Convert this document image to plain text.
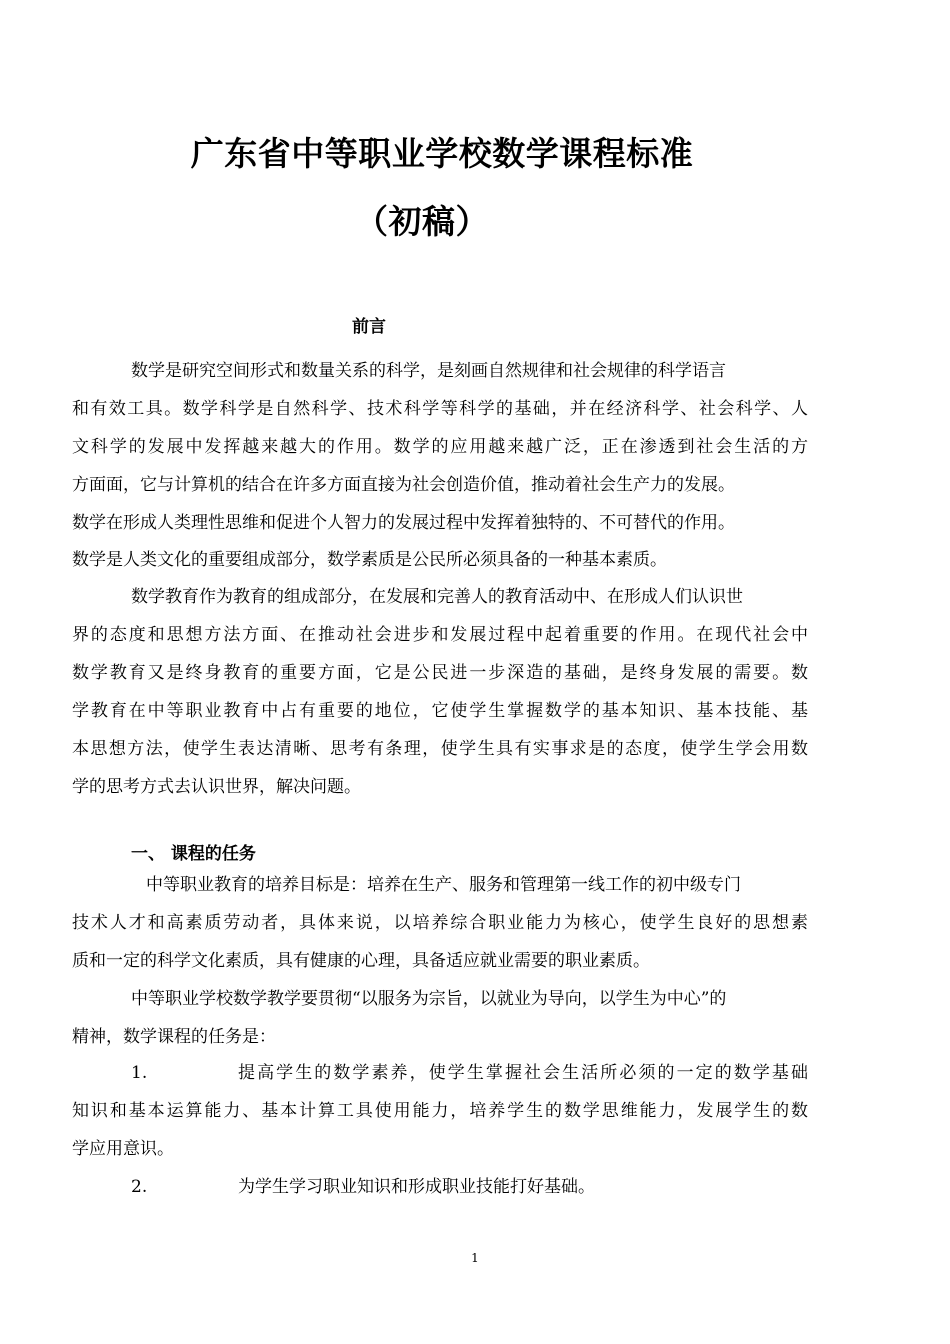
广东省中等职业学校数学课程标准
（初稿）
前言
数学是研究空间形式和数量关系的科学，是刻画自然规律和社会规律的科学语言
和有效工具。数学科学是自然科学、技术科学等科学的基础，并在经济科学、社会科学、人
文科学的发展中发挥越来越大的作用。数学的应用越来越广泛，正在渗透到社会生活的方
方面面，它与计算机的结合在许多方面直接为社会创造价值，推动着社会生产力的发展。
数学在形成人类理性思维和促进个人智力的发展过程中发挥着独特的、不可替代的作用。
数学是人类文化的重要组成部分，数学素质是公民所必须具备的一种基本素质。
数学教育作为教育的组成部分，在发展和完善人的教育活动中、在形成人们认识世
界的态度和思想方法方面、在推动社会进步和发展过程中起着重要的作用。在现代社会中
数学教育又是终身教育的重要方面，它是公民进一步深造的基础，是终身发展的需要。数
学教育在中等职业教育中占有重要的地位，它使学生掌握数学的基本知识、基本技能、基
本思想方法，使学生表达清晰、思考有条理，使学生具有实事求是的态度，使学生学会用数
学的思考方式去认识世界，解决问题。
一、 课程的任务
中等职业教育的培养目标是：培养在生产、服务和管理第一线工作的初中级专门
技术人才和高素质劳动者，具体来说，以培养综合职业能力为核心，使学生良好的思想素
质和一定的科学文化素质，具有健康的心理，具备适应就业需要的职业素质。
中等职业学校数学教学要贯彻“以服务为宗旨，以就业为导向，以学生为中心”的
精神，数学课程的任务是：
1.	提高学生的数学素养，使学生掌握社会生活所必须的一定的数学基础
知识和基本运算能力、基本计算工具使用能力，培养学生的数学思维能力，发展学生的数
学应用意识。
2.	为学生学习职业知识和形成职业技能打好基础。
1
